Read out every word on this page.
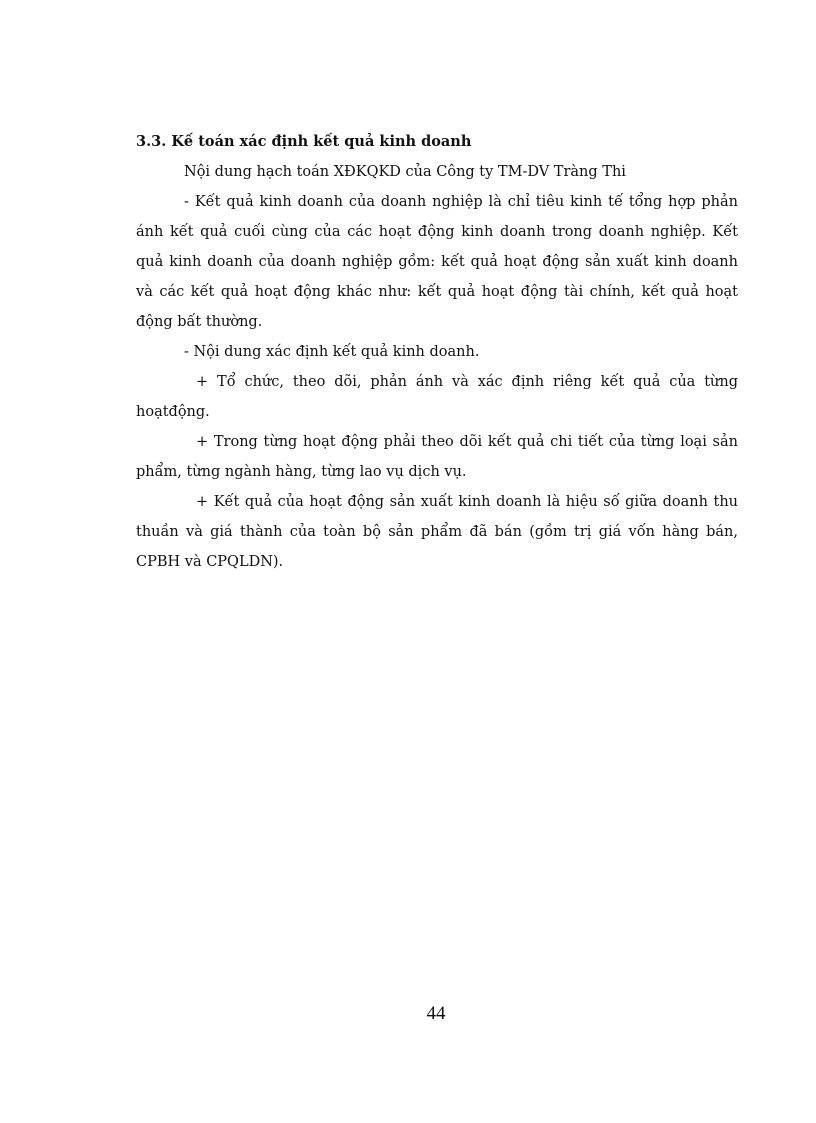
3.3. Kế toán xác định kết quả kinh doanh

Nội dung hạch toán XĐKQKD của Công ty TM-DV Tràng Thi

- Kết quả kinh doanh của doanh nghiệp là chỉ tiêu kinh tế tổng hợp phản ánh kết quả cuối cùng của các hoạt động kinh doanh trong doanh nghiệp. Kết quả kinh doanh của doanh nghiệp gồm: kết quả hoạt động sản xuất kinh doanh và các kết quả hoạt động khác như: kết quả hoạt động tài chính, kết quả hoạt động bất thường.

- Nội dung xác định kết quả kinh doanh.

+ Tổ chức, theo dõi, phản ánh và xác định riêng kết quả của từng hoạtđộng.

+ Trong từng hoạt động phải theo dõi kết quả chi tiết của từng loại sản phẩm, từng ngành hàng, từng lao vụ dịch vụ.

+ Kết quả của hoạt động sản xuất kinh doanh là hiệu số giữa doanh thu thuần và giá thành của toàn bộ sản phẩm đã bán (gồm trị giá vốn hàng bán, CPBH và CPQLDN).

44
